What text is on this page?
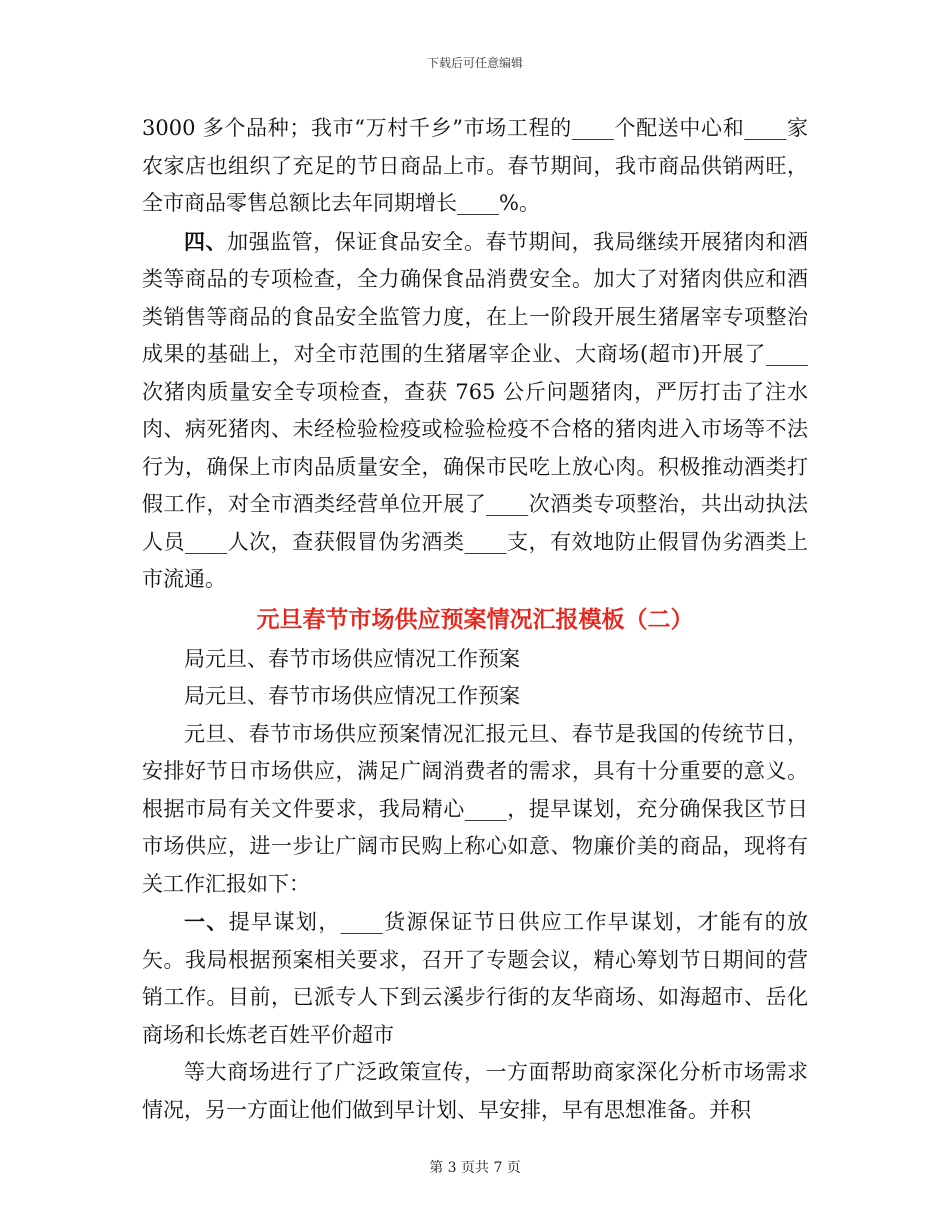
下载后可任意编辑

3000 多个品种；我市“万村千乡”市场工程的____个配送中心和____家农家店也组织了充足的节日商品上市。春节期间，我市商品供销两旺，全市商品零售总额比去年同期增长____%。

四、加强监管，保证食品安全。春节期间，我局继续开展猪肉和酒类等商品的专项检查，全力确保食品消费安全。加大了对猪肉供应和酒类销售等商品的食品安全监管力度，在上一阶段开展生猪屠宰专项整治成果的基础上，对全市范围的生猪屠宰企业、大商场(超市)开展了____次猪肉质量安全专项检查，查获 765 公斤问题猪肉，严厉打击了注水肉、病死猪肉、未经检验检疫或检验检疫不合格的猪肉进入市场等不法行为，确保上市肉品质量安全，确保市民吃上放心肉。积极推动酒类打假工作，对全市酒类经营单位开展了____次酒类专项整治，共出动执法人员____人次，查获假冒伪劣酒类____支，有效地防止假冒伪劣酒类上市流通。

元旦春节市场供应预案情况汇报模板（二）

局元旦、春节市场供应情况工作预案

局元旦、春节市场供应情况工作预案

元旦、春节市场供应预案情况汇报元旦、春节是我国的传统节日，安排好节日市场供应，满足广阔消费者的需求，具有十分重要的意义。根据市局有关文件要求，我局精心____，提早谋划，充分确保我区节日市场供应，进一步让广阔市民购上称心如意、物廉价美的商品，现将有关工作汇报如下：

一、提早谋划，____货源保证节日供应工作早谋划，才能有的放矢。我局根据预案相关要求，召开了专题会议，精心筹划节日期间的营销工作。目前，已派专人下到云溪步行街的友华商场、如海超市、岳化商场和长炼老百姓平价超市

等大商场进行了广泛政策宣传，一方面帮助商家深化分析市场需求情况，另一方面让他们做到早计划、早安排，早有思想准备。并积

第 3 页共 7 页
